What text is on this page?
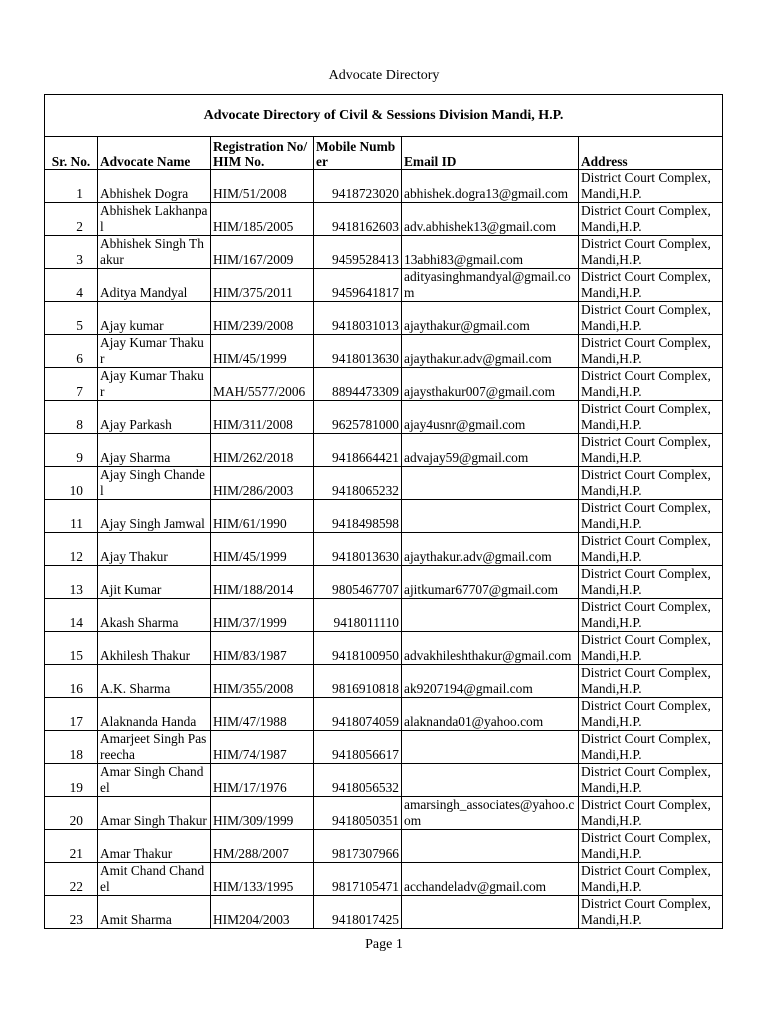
Advocate Directory
Advocate Directory of Civil & Sessions Division Mandi, H.P.					
Sr. No.	Advocate Name	Registration No/ HIM No.	Mobile Number	Email ID	Address
1	Abhishek Dogra	HIM/51/2008	9418723020	abhishek.dogra13@gmail.com	District Court Complex, Mandi,H.P.
2	Abhishek Lakhanpal	HIM/185/2005	9418162603	adv.abhishek13@gmail.com	District Court Complex, Mandi,H.P.
3	Abhishek Singh Thakur	HIM/167/2009	9459528413	13abhi83@gmail.com	District Court Complex, Mandi,H.P.
4	Aditya Mandyal	HIM/375/2011	9459641817	adityasinghmandyal@gmail.com	District Court Complex, Mandi,H.P.
5	Ajay kumar	HIM/239/2008	9418031013	ajaythakur@gmail.com	District Court Complex, Mandi,H.P.
6	Ajay Kumar Thakur	HIM/45/1999	9418013630	ajaythakur.adv@gmail.com	District Court Complex, Mandi,H.P.
7	Ajay Kumar Thakur	MAH/5577/2006	8894473309	ajaysthakur007@gmail.com	District Court Complex, Mandi,H.P.
8	Ajay Parkash	HIM/311/2008	9625781000	ajay4usnr@gmail.com	District Court Complex, Mandi,H.P.
9	Ajay Sharma	HIM/262/2018	9418664421	advajay59@gmail.com	District Court Complex, Mandi,H.P.
10	Ajay Singh Chandel	HIM/286/2003	9418065232		District Court Complex, Mandi,H.P.
11	Ajay Singh Jamwal	HIM/61/1990	9418498598		District Court Complex, Mandi,H.P.
12	Ajay Thakur	HIM/45/1999	9418013630	ajaythakur.adv@gmail.com	District Court Complex, Mandi,H.P.
13	Ajit Kumar	HIM/188/2014	9805467707	ajitkumar67707@gmail.com	District Court Complex, Mandi,H.P.
14	Akash Sharma	HIM/37/1999	9418011110		District Court Complex, Mandi,H.P.
15	Akhilesh Thakur	HIM/83/1987	9418100950	advakhileshthakur@gmail.com	District Court Complex, Mandi,H.P.
16	A.K. Sharma	HIM/355/2008	9816910818	ak9207194@gmail.com	District Court Complex, Mandi,H.P.
17	Alaknanda Handa	HIM/47/1988	9418074059	alaknanda01@yahoo.com	District Court Complex, Mandi,H.P.
18	Amarjeet Singh Pasreecha	HIM/74/1987	9418056617		District Court Complex, Mandi,H.P.
19	Amar Singh Chandel	HIM/17/1976	9418056532		District Court Complex, Mandi,H.P.
20	Amar Singh Thakur	HIM/309/1999	9418050351	amarsingh_associates@yahoo.com	District Court Complex, Mandi,H.P.
21	Amar Thakur	HM/288/2007	9817307966		District Court Complex, Mandi,H.P.
22	Amit Chand Chandel	HIM/133/1995	9817105471	acchandeladv@gmail.com	District Court Complex, Mandi,H.P.
23	Amit Sharma	HIM204/2003	9418017425		District Court Complex, Mandi,H.P.
Page 1
